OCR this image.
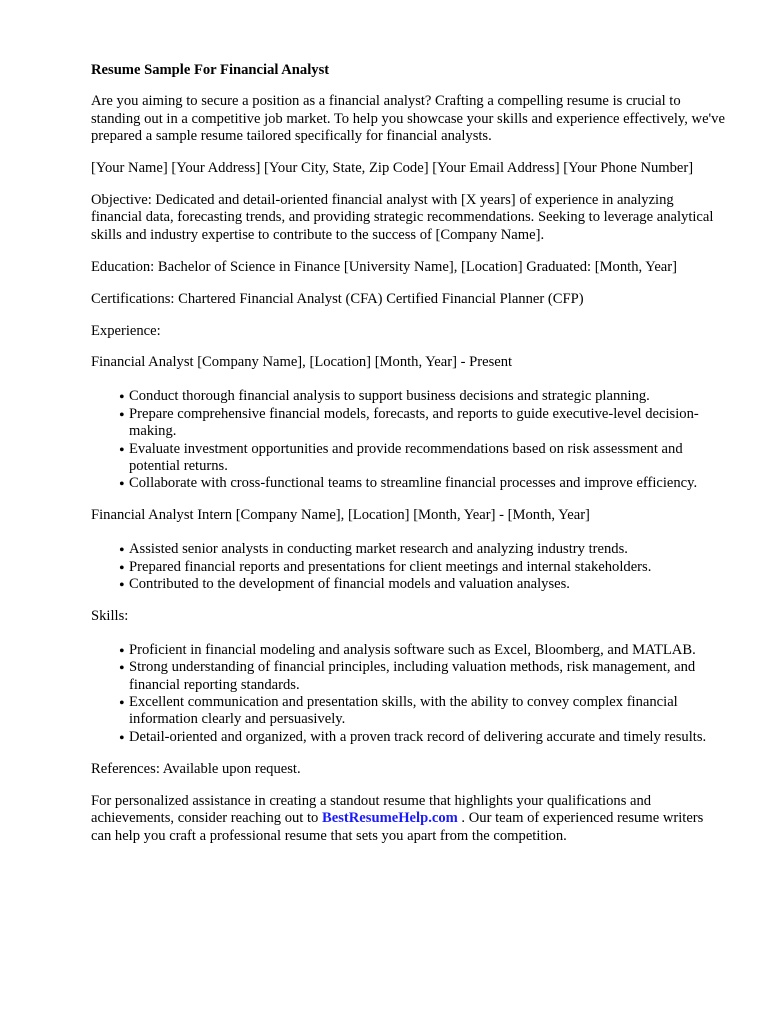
Resume Sample For Financial Analyst

Are you aiming to secure a position as a financial analyst? Crafting a compelling resume is crucial to standing out in a competitive job market. To help you showcase your skills and experience effectively, we've prepared a sample resume tailored specifically for financial analysts.

[Your Name] [Your Address] [Your City, State, Zip Code] [Your Email Address] [Your Phone Number]

Objective: Dedicated and detail-oriented financial analyst with [X years] of experience in analyzing financial data, forecasting trends, and providing strategic recommendations. Seeking to leverage analytical skills and industry expertise to contribute to the success of [Company Name].

Education: Bachelor of Science in Finance [University Name], [Location] Graduated: [Month, Year]

Certifications: Chartered Financial Analyst (CFA) Certified Financial Planner (CFP)

Experience:

Financial Analyst [Company Name], [Location] [Month, Year] - Present

• Conduct thorough financial analysis to support business decisions and strategic planning.
• Prepare comprehensive financial models, forecasts, and reports to guide executive-level decision-making.
• Evaluate investment opportunities and provide recommendations based on risk assessment and potential returns.
• Collaborate with cross-functional teams to streamline financial processes and improve efficiency.

Financial Analyst Intern [Company Name], [Location] [Month, Year] - [Month, Year]

• Assisted senior analysts in conducting market research and analyzing industry trends.
• Prepared financial reports and presentations for client meetings and internal stakeholders.
• Contributed to the development of financial models and valuation analyses.

Skills:

• Proficient in financial modeling and analysis software such as Excel, Bloomberg, and MATLAB.
• Strong understanding of financial principles, including valuation methods, risk management, and financial reporting standards.
• Excellent communication and presentation skills, with the ability to convey complex financial information clearly and persuasively.
• Detail-oriented and organized, with a proven track record of delivering accurate and timely results.

References: Available upon request.

For personalized assistance in creating a standout resume that highlights your qualifications and achievements, consider reaching out to BestResumeHelp.com . Our team of experienced resume writers can help you craft a professional resume that sets you apart from the competition.
